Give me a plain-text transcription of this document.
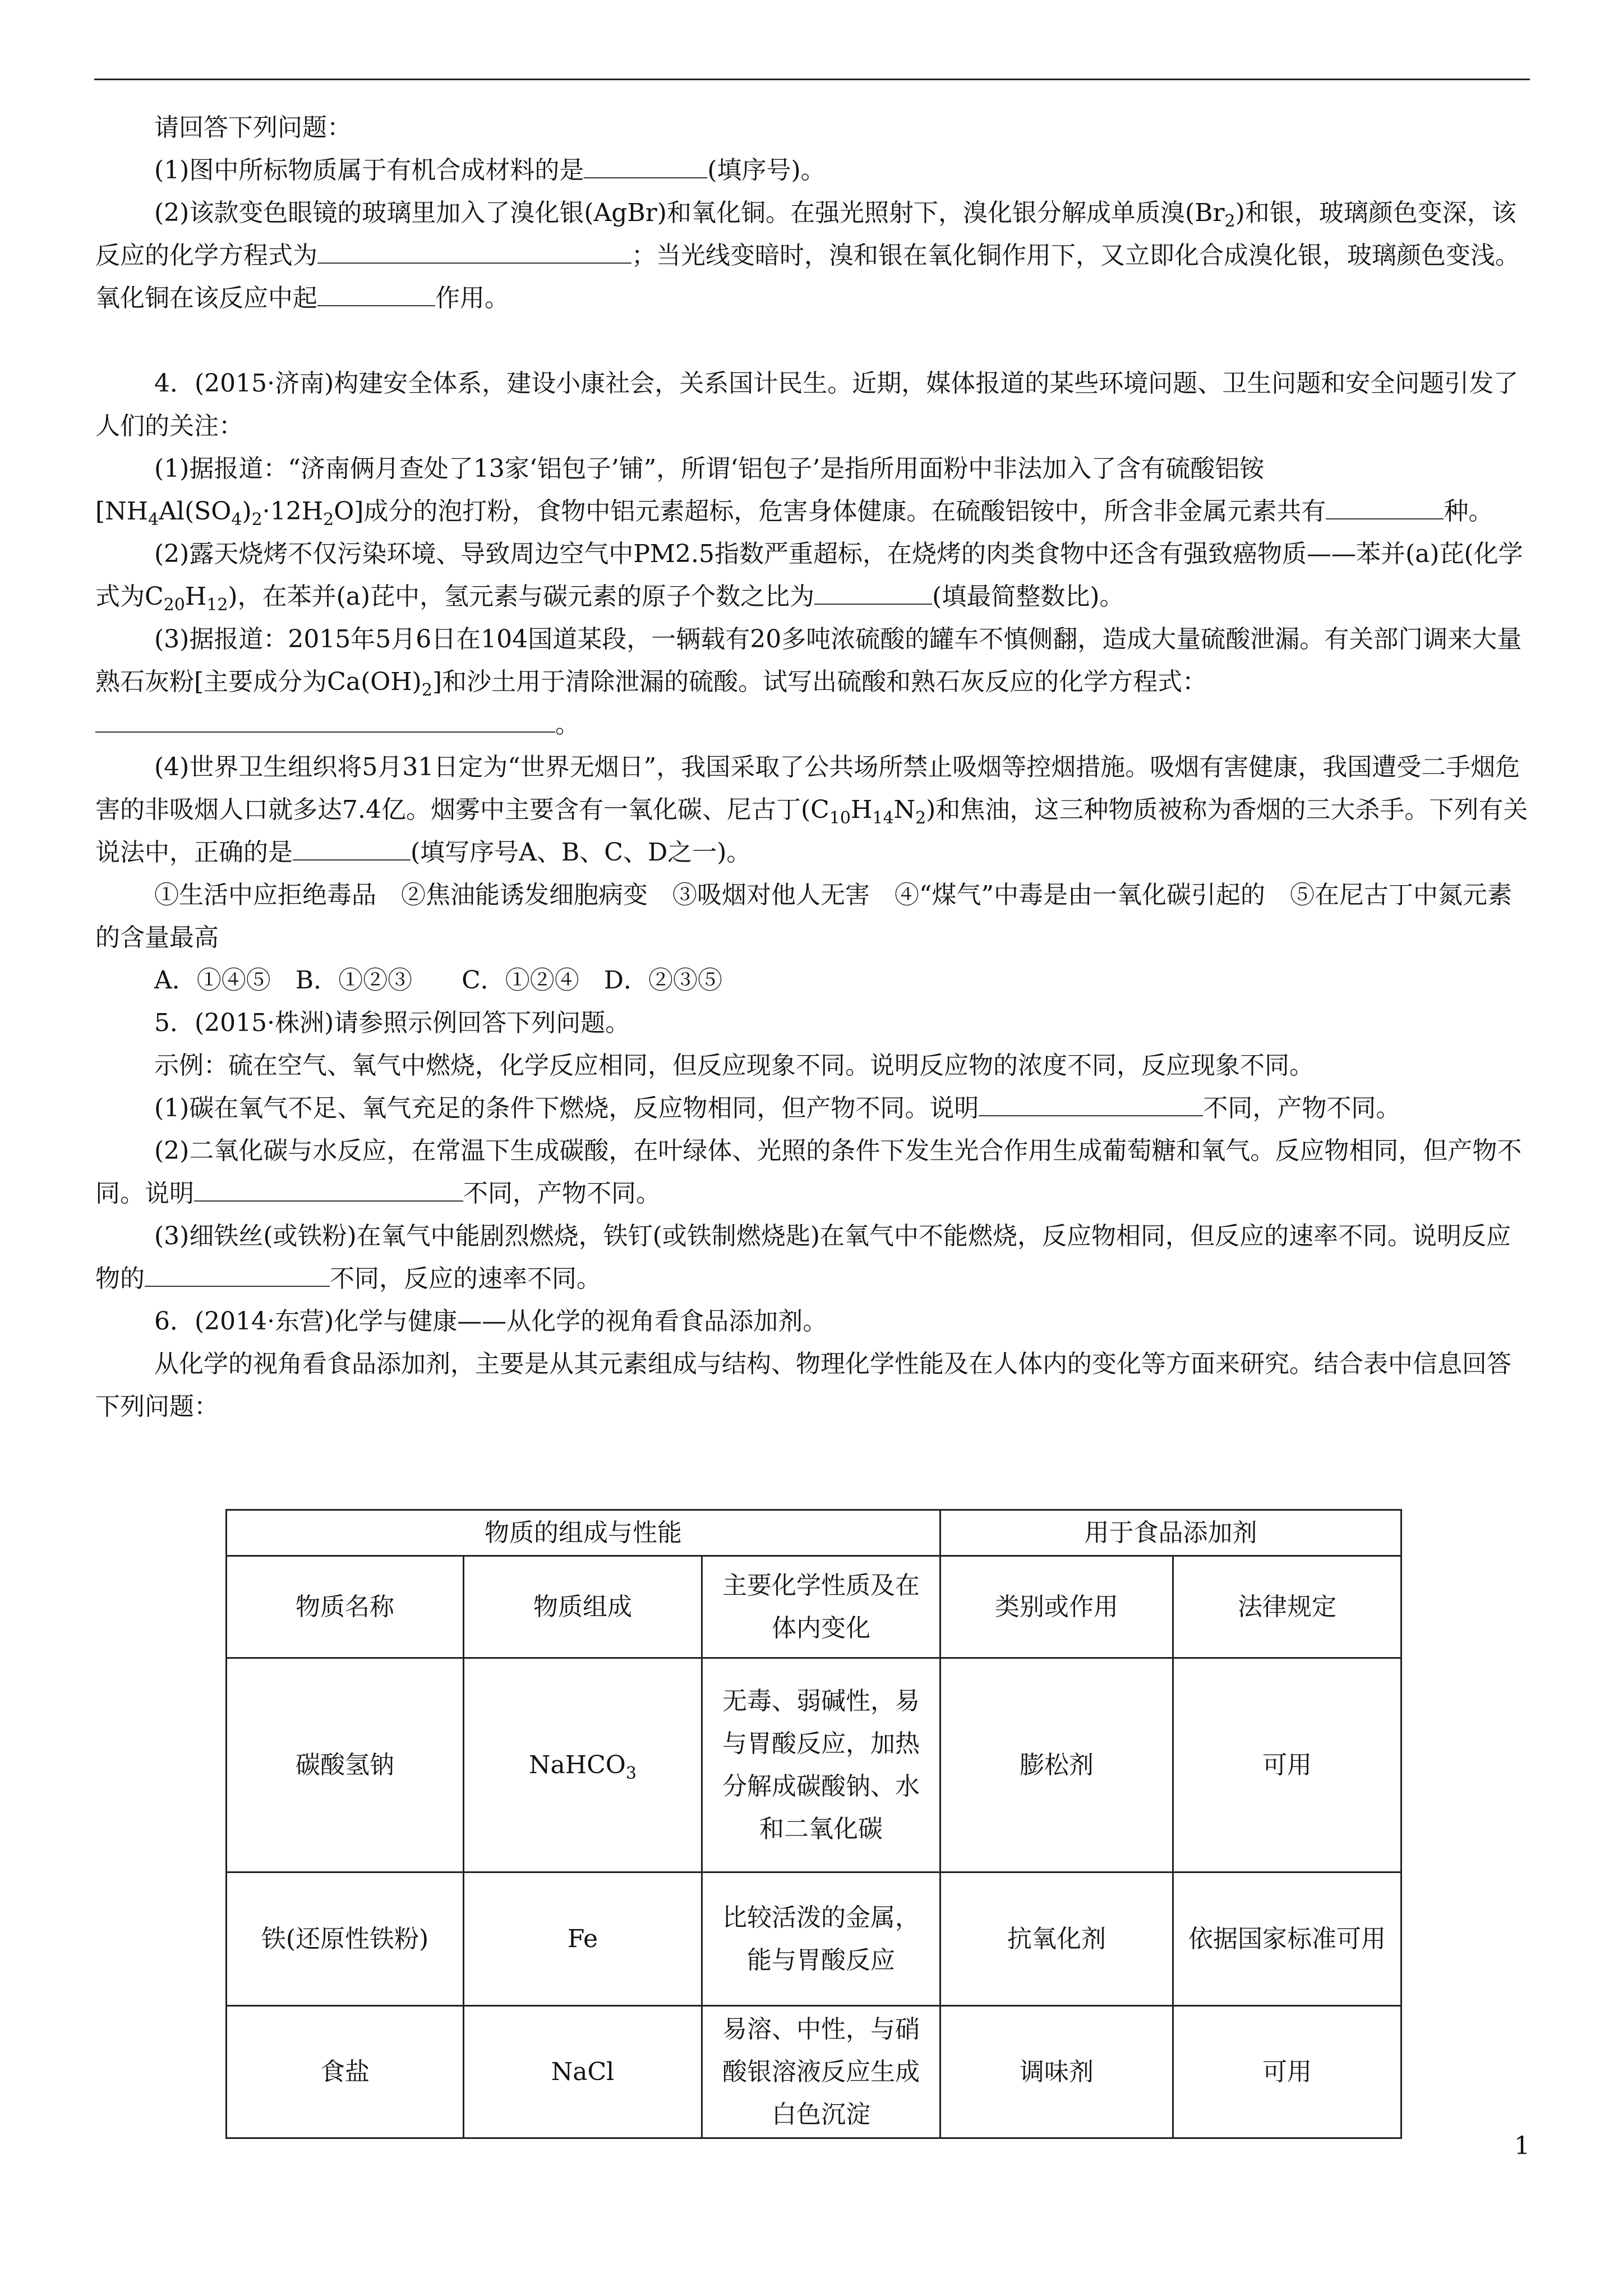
请回答下列问题：

(1)图中所标物质属于有机合成材料的是	(填序号)。

(2)该款变色眼镜的玻璃里加入了溴化银(AgBr)和氧化铜。在强光照射下，溴化银分解成单质溴$(Br_2)$和银，玻璃颜色变深，该反应的化学方程式为	；当光线变暗时，溴和银在氧化铜作用下，又立即化合成溴化银，玻璃颜色变浅。氧化铜在该反应中起	作用。

4．(2015·济南)构建安全体系，建设小康社会，关系国计民生。近期，媒体报道的某些环境问题、卫生问题和安全问题引发了人们的关注：

(1)据报道：“济南俩月查处了13家‘铝包子’铺”，所谓‘铝包子’是指所用面粉中非法加入了含有硫酸铝铵$[NH_4Al(SO_4)_2\cdot 12H_2O]$成分的泡打粉，食物中铝元素超标，危害身体健康。在硫酸铝铵中，所含非金属元素共有	种。

(2)露天烧烤不仅污染环境、导致周边空气中PM2.5指数严重超标，在烧烤的肉类食物中还含有强致癌物质——苯并(a)芘(化学式为$C_{20}H_{12}$)，在苯并(a)芘中，氢元素与碳元素的原子个数之比为	(填最简整数比)。

(3)据报道：2015年5月6日在104国道某段，一辆载有20多吨浓硫酸的罐车不慎侧翻，造成大量硫酸泄漏。有关部门调来大量熟石灰粉[主要成分为$Ca(OH)_2$]和沙土用于清除泄漏的硫酸。试写出硫酸和熟石灰反应的化学方程式：。

(4)世界卫生组织将5月31日定为“世界无烟日”，我国采取了公共场所禁止吸烟等控烟措施。吸烟有害健康，我国遭受二手烟危害的非吸烟人口就多达7.4亿。烟雾中主要含有一氧化碳、尼古丁$(C_{10}H_{14}N_2)$和焦油，这三种物质被称为香烟的三大杀手。下列有关说法中，正确的是	(填写序号A、B、C、D之一)。

①生活中应拒绝毒品　②焦油能诱发细胞病变　③吸烟对他人无害　④“煤气”中毒是由一氧化碳引起的　⑤在尼古丁中氮元素的含量最高

A．①④⑤　B．①②③　　C．①②④　D．②③⑤

5．(2015·株洲)请参照示例回答下列问题。

示例：硫在空气、氧气中燃烧，化学反应相同，但反应现象不同。说明反应物的浓度不同，反应现象不同。

(1)碳在氧气不足、氧气充足的条件下燃烧，反应物相同，但产物不同。说明	不同，产物不同。

(2)二氧化碳与水反应，在常温下生成碳酸，在叶绿体、光照的条件下发生光合作用生成葡萄糖和氧气。反应物相同，但产物不同。说明	不同，产物不同。

(3)细铁丝(或铁粉)在氧气中能剧烈燃烧，铁钉(或铁制燃烧匙)在氧气中不能燃烧，反应物相同，但反应的速率不同。说明反应物的	不同，反应的速率不同。

6．(2014·东营)化学与健康——从化学的视角看食品添加剂。

从化学的视角看食品添加剂，主要是从其元素组成与结构、物理化学性能及在人体内的变化等方面来研究。结合表中信息回答下列问题：

物质的组成与性能			用于食品添加剂	
物质名称	物质组成	主要化学性质及在体内变化	类别或作用	法律规定
碳酸氢钠	NaHCO$_3$	无毒、弱碱性，易与胃酸反应，加热分解成碳酸钠、水和二氧化碳	膨松剂	可用
铁(还原性铁粉)	Fe	比较活泼的金属，能与胃酸反应	抗氧化剂	依据国家标准可用
食盐	NaCl	易溶、中性，与硝酸银溶液反应生成白色沉淀	调味剂	可用
1
